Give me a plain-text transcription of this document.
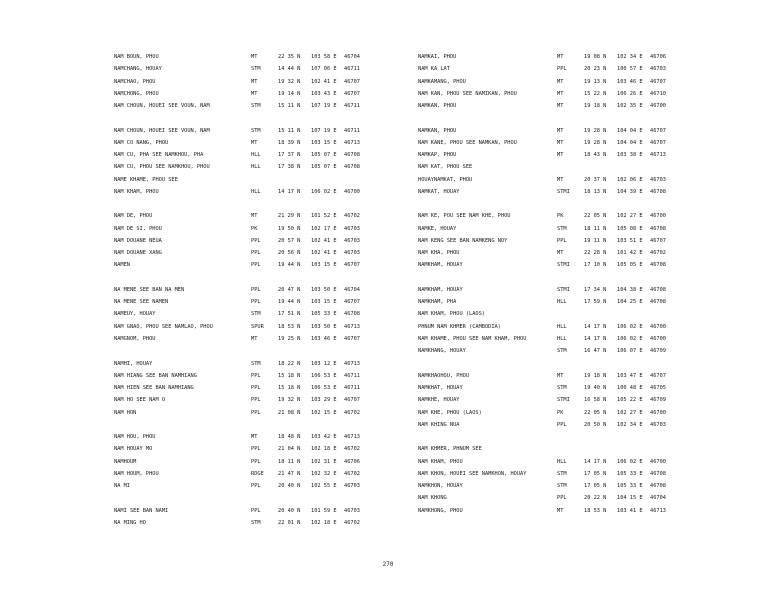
NAM BOUN, PHOU	MT	22 35 N 103 58 E 46704
NAMCHANG, HOUAY	STM	14 44 N 107 06 E 46711
NAMCHAO, PHOU	MT	19 32 N 102 41 E 46707
NAMCHONG, PHOU	MT	19 14 N 103 43 E 46707
NAM CHOUN, HOUEI SEE VOUN, NAM	STM	15 11 N 107 19 E 46711
NAM CHOUN, HOUEI SEE VOUN, NAM	STM	15 11 N 107 19 E 46711
NAM CO NANG, PHOU	MT	18 39 N 103 15 E 46713
NAM CU, PHA SEE NAMKHOU, PHA	HLL	17 37 N 105 07 E 46708
NAM CU, PHOU SEE NAMKHOU, PHOU	HLL	17 38 N 105 07 E 46708
NAME KHAME, PHOU SEE
NAM KHAM, PHOU	HLL	14 17 N 106 02 E 46700
NAM DE, PHOU	MT	21 29 N 101 52 E 46702
NAM DE SI, PHOU	PK	19 50 N 102 17 E 46703
NAM DOUANE NEUA	PPL	20 57 N 102 41 E 46703
NAM DOUANE XANG	PPL	20 56 N 102 41 E 46703
NAMEN	PPL	19 44 N 103 15 E 46707
NA MENE SEE BAN NA MEN	PPL	20 47 N 103 50 E 46704
NA MENE SEE NAMEN	PPL	19 44 N 103 15 E 46707
NAMEUY, HOUAY	STM	17 51 N 105 33 E 46708
NAM GNAO, PHOU SEE NAMLAO, PHOU	SPUR	18 53 N 103 50 E 46713
NAMGNOM, PHOU	MT	19 25 N 103 46 E 46707
NAMHI, HOUAY	STM	18 22 N 103 12 E 46713
NAM HIANG SEE BAN NAMHIANG	PPL	15 18 N 106 53 E 46711
NAM HIEN SEE BAN NAMHIANG	PPL	15 18 N 106 53 E 46711
NAM HO SEE NAM O	PPL	19 32 N 103 29 E 46707
NAM HON	PPL	21 08 N 102 15 E 46702
NAM HOU, PHOU	MT	18 48 N 103 42 E 46713
NAM HOUAY MO	PPL	21 04 N 102 18 E 46702
NAMHOUM	PPL	18 11 N 102 31 E 46706
NAM HOUM, PHOU	RDGE	21 47 N 102 32 E 46702
NA MI	PPL	20 40 N 102 55 E 46703
NAMI SEE BAN NAMI	PPL	20 40 N 101 59 E 46703
NA MING HO	STM	22 01 N 102 18 E 46702
NAMKAI, PHOU	MT	19 08 N 102 34 E 46706
NAM KA LAT	PPL	20 23 N 100 57 E 46703
NAMKAMANG, PHOU	MT	19 13 N 103 46 E 46707
NAM KAN, PHOU SEE NAMIKAN, PHOU	MT	15 22 N 106 26 E 46710
NAMKAN, PHOU	MT	19 18 N 102 35 E 46700
NAMKAN, PHOU	MT	19 28 N 104 04 E 46707
NAM KANE, PHOU SEE NAMKAN, PHOU	MT	19 28 N 104 04 E 46707
NAMKAP, PHOU	MT	18 43 N 103 38 E 46713
NAM KAT, PHOU SEE
HOUAYNAMKAT, PHOU	MT	20 37 N 102 06 E 46703
NAMKAT, HOUAY	STMI	18 13 N 104 39 E 46708
NAM KE, POU SEE NAM KHE, PHOU	PK	22 05 N 102 27 E 46700
NAMKE, HOUAY	STM	18 11 N 105 08 E 46708
NAM KENG SEE BAN NAMKENG NOY	PPL	19 11 N 103 51 E 46707
NAM KHA, PHOU	MT	22 28 N 101 42 E 46702
NAMKHAM, HOUAY	STMI	17 10 N 105 05 E 46708
NAMKHAM, HOUAY	STMI	17 34 N 104 38 E 46708
NAMKHAM, PHA	HLL	17 59 N 104 25 E 46708
NAM KHAM, PHOU (LAOS)
PHNUM NAM KHMER (CAMBODIA)	HLL	14 17 N 106 02 E 46700
NAM KHAME, PHOU SEE NAM KHAM, PHOU	HLL	14 17 N 106 02 E 46700
NAMKHANG, HOUAY	STM	16 47 N 106 07 E 46709
NAMKHAOHOU, PHOU	MT	19 18 N 103 47 E 46707
NAMKHAT, HOUAY	STM	19 40 N 100 48 E 46705
NAMKHE, HOUAY	STMI	16 58 N 105 22 E 46709
NAM KHE, PHOU (LAOS)	PK	22 05 N 102 27 E 46700
NAM KHING NUA	PPL	20 50 N 102 34 E 46703
NAM KHMER, PHNUM SEE
NAM KHAM, PHOU	HLL	14 17 N 106 02 E 46700
NAM KHON, HOUEI SEE NAMKHON, HOUAY	STM	17 05 N 105 33 E 46708
NAMKHON, HOUAY	STM	17 05 N 105 33 E 46708
NAM KHONG	PPL	20 22 N 104 15 E 46704
NAMKHONG, PHOU	MT	18 53 N 103 41 E 46713
270
